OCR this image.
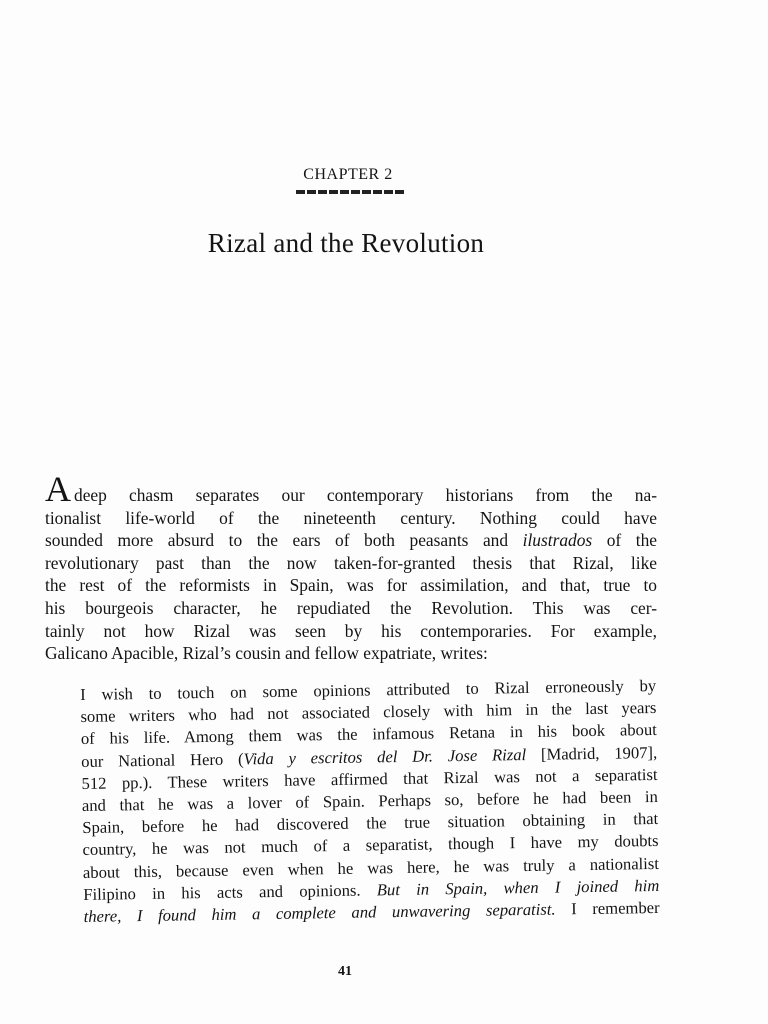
CHAPTER 2
Rizal and the Revolution
A deep chasm separates our contemporary historians from the na-
tionalist life-world of the nineteenth century. Nothing could have
sounded more absurd to the ears of both peasants and ilustrados of the
revolutionary past than the now taken-for-granted thesis that Rizal, like
the rest of the reformists in Spain, was for assimilation, and that, true to
his bourgeois character, he repudiated the Revolution. This was cer-
tainly not how Rizal was seen by his contemporaries. For example,
Galicano Apacible, Rizal’s cousin and fellow expatriate, writes:
I wish to touch on some opinions attributed to Rizal erroneously by
some writers who had not associated closely with him in the last years
of his life. Among them was the infamous Retana in his book about
our National Hero (Vida y escritos del Dr. Jose Rizal [Madrid, 1907],
512 pp.). These writers have affirmed that Rizal was not a separatist
and that he was a lover of Spain. Perhaps so, before he had been in
Spain, before he had discovered the true situation obtaining in that
country, he was not much of a separatist, though I have my doubts
about this, because even when he was here, he was truly a nationalist
Filipino in his acts and opinions. But in Spain, when I joined him
there, I found him a complete and unwavering separatist. I remember
41
